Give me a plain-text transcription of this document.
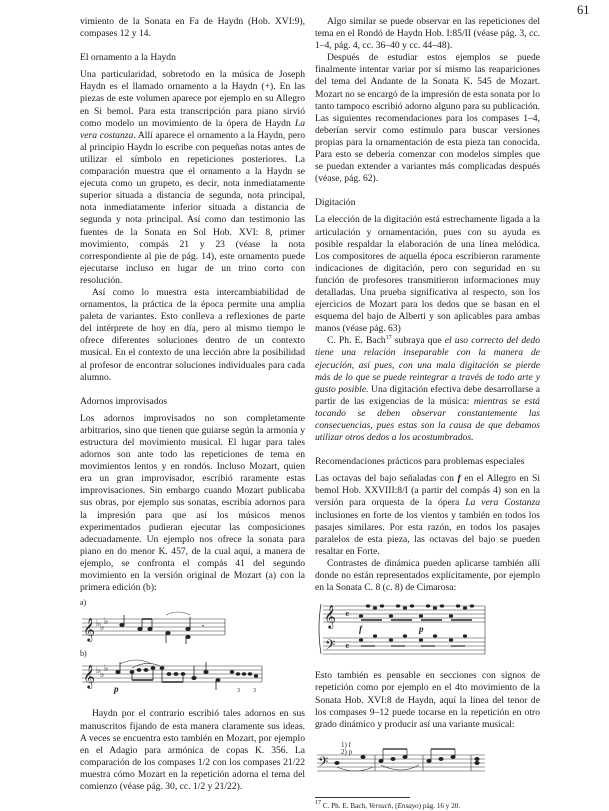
61

vimiento de la Sonata en Fa de Haydn (Hob. XVI:9), compases 12 y 14.

El ornamento a la Haydn

Una particularidad, sobretodo en la música de Joseph Haydn es el llamado ornamento a la Haydn (+). En las piezas de este volumen aparece por ejemplo en su Allegro en Si bemol. Para esta transcripción para piano sirvió como modelo un movimiento de la ópera de Haydn La vera costanza. Allí aparece el ornamento a la Haydn, pero al principio Haydn lo escribe con pequeñas notas antes de utilizar el símbolo en repeticiones posteriores. La comparación muestra que el ornamento a la Haydn se ejecuta como un grupeto, es decir, nota inmediatamente superior situada a distancia de segunda, nota principal, nota inmediatamente inferior situada a distancia de segunda y nota principal. Así como dan testimonio las fuentes de la Sonata en Sol Hob. XVI: 8, primer movimiento, compás 21 y 23 (véase la nota correspondiente al pie de pág. 14), este ornamento puede ejecutarse incluso en lugar de un trino corto con resolución.

Así como lo muestra esta intercambiabilidad de ornamentos, la práctica de la época permite una amplia paleta de variantes. Esto conlleva a reflexiones de parte del intérprete de hoy en día, pero al mismo tiempo le ofrece diferentes soluciones dentro de un contexto musical. En el contexto de una lección abre la posibilidad al profesor de encontrar soluciones individuales para cada alumno.

Adornos improvisados

Los adornos improvisados no son completamente arbitrarios, sino que tienen que guiarse según la armonía y estructura del movimiento musical. El lugar para tales adornos son ante todo las repeticiones de tema en movimientos lentos y en rondós. Incluso Mozart, quien era un gran improvisador, escribió raramente estas improvisaciones. Sin embargo cuando Mozart publicaba sus obras, por ejemplo sus sonatas, escribía adornos para la impresión para que así los músicos menos experimentados pudieran ejecutar las composiciones adecuadamente. Un ejemplo nos ofrece la sonata para piano en do menor K. 457, de la cual aquí, a manera de ejemplo, se confronta el compás 41 del segundo movimiento en la versión original de Mozart (a) con la primera edición (b):

a)
𝄞 ♭ ♭
♭
𝄾
b)
𝄞 ♭ ♭
♭
p	3 3

Haydn por el contrario escribió tales adornos en sus manuscritos fijando de esta manera claramente sus ideas. A veces se encuentra esto también en Mozart, por ejemplo en el Adagio para armónica de copas K. 356. La comparación de los compases 1/2 con los compases 21/22 muestra cómo Mozart en la repetición adorna el tema del comienzo (véase pág. 30, cc. 1/2 y 21/22).

Algo similar se puede observar en las repeticiones del tema en el Rondó de Haydn Hob. I:85/II (véase pág. 3, cc. 1–4, pág. 4, cc. 36–40 y cc. 44–48).

Después de estudiar estos ejemplos se puede finalmente intentar variar por sí mismo las reapariciones del tema del Andante de la Sonata K. 545 de Mozart. Mozart no se encargó de la impresión de esta sonata por lo tanto tampoco escribió adorno alguno para su publicación. Las siguientes recomendaciones para los compases 1–4, deberían servir como estímulo para buscar versiones propias para la ornamentación de esta pieza tan conocida. Para esto se debería comenzar con modelos simples que se puedan extender a variantes más complicadas después (véase, pág. 62).

Digitación

La elección de la digitación está estrechamente ligada a la articulación y ornamentación, pues con su ayuda es posible respaldar la elaboración de una línea melódica. Los compositores de aquella época escribieron raramente indicaciones de digitación, pero con seguridad en su función de profesores transmitieron informaciones muy detalladas. Una prueba significativa al respecto, son los ejercicios de Mozart para los dedos que se basan en el esquema del bajo de Alberti y son aplicables para ambas manos (véase pág. 63)

C. Ph. E. Bach$^{17}$ subraya que el uso correcto del dedo tiene una relación inseparable con la manera de ejecución, así pues, con una mala digitación se pierde más de lo que se puede reintegrar a través de todo arte y gusto posible. Una digitación efectiva debe desarrollarse a partir de las exigencias de la música: mientras se está tocando se deben observar constantemente las consecuencias, pues estas son la causa de que debamos utilizar otros dedos a los acostumbrados.

Recomendaciones prácticos para problemas especiales

Las octavas del bajo señaladas con f en el Allegro en Si bemol Hob. XXVIII:8/I (a partir del compás 4) son en la versión para orquesta de la ópera La vera Costanza inclusiones en forte de los vientos y también en todos los pasajes similares. Por esta razón, en todos los pasajes paralelos de esta pieza, las octavas del bajo se pueden resaltar en Forte.

Contrastes de dinámica pueden aplicarse también allí donde no están representados explícitamente, por ejemplo en la Sonata C. 8 (c. 8) de Cimarosa:

𝄞
𝄢
𝄴
𝄴
f	p

Esto también es pensable en secciones con signos de repetición como por ejemplo en el 4to movimiento de la Sonata Hob. XVI:8 de Haydn, aquí la línea del tenor de los compases 9–12 puede tocarse en la repetición en otro grado dinámico y producir así una variante musical:

𝄢
1) f
2) p

$^{17}$ C. Ph. E. Bach, Versuch, (Ensayo) pág. 16 y 20.
